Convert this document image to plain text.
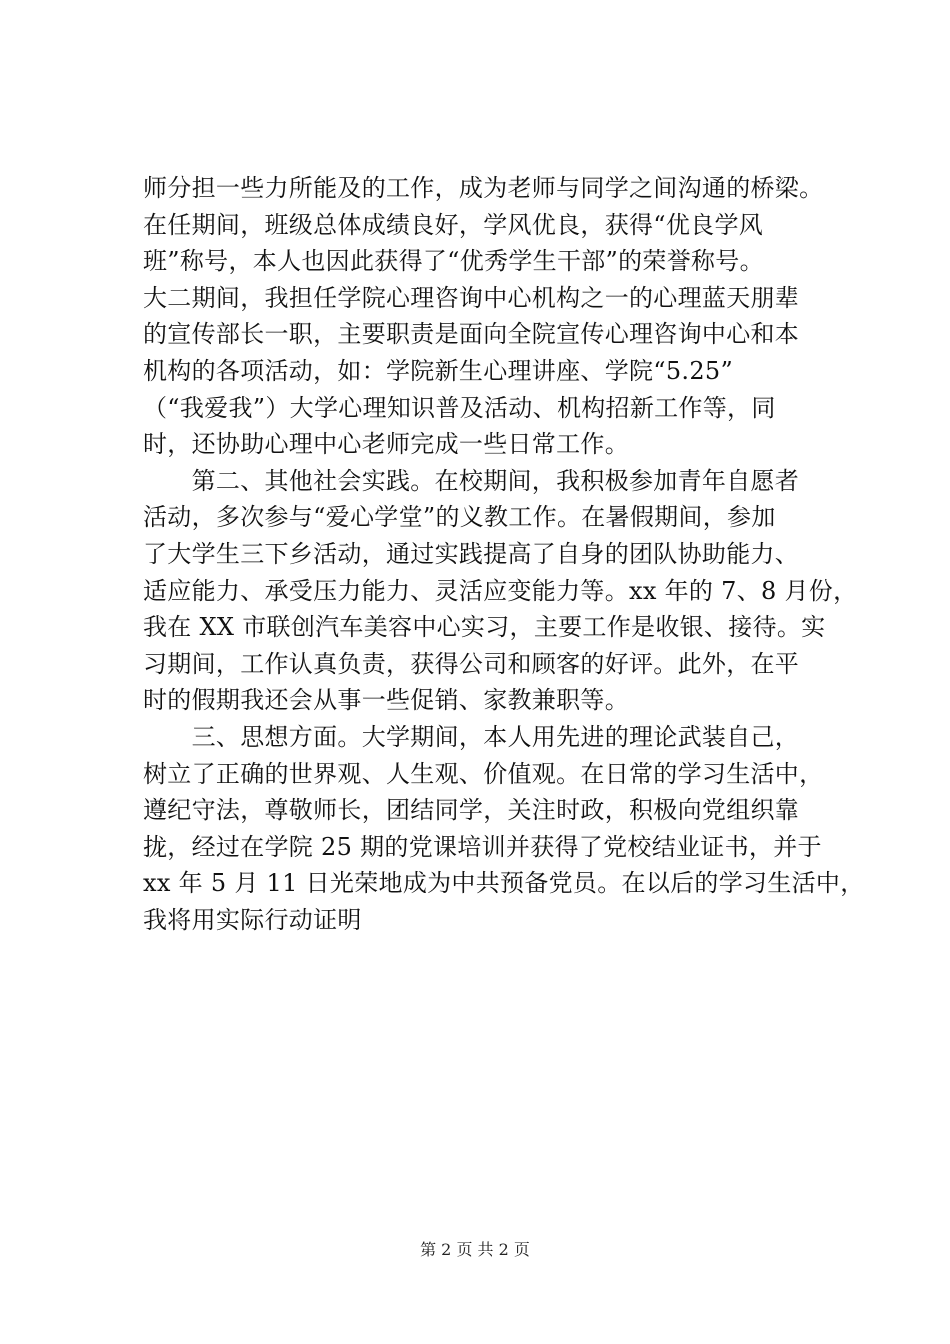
师分担一些力所能及的工作，成为老师与同学之间沟通的桥梁。
在任期间，班级总体成绩良好，学风优良，获得“优良学风
班”称号，本人也因此获得了“优秀学生干部”的荣誉称号。
大二期间，我担任学院心理咨询中心机构之一的心理蓝天朋辈
的宣传部长一职，主要职责是面向全院宣传心理咨询中心和本
机构的各项活动，如：学院新生心理讲座、学院“5.25”
（“我爱我”）大学心理知识普及活动、机构招新工作等，同
时，还协助心理中心老师完成一些日常工作。
　　第二、其他社会实践。在校期间，我积极参加青年自愿者
活动，多次参与“爱心学堂”的义教工作。在暑假期间，参加
了大学生三下乡活动，通过实践提高了自身的团队协助能力、
适应能力、承受压力能力、灵活应变能力等。xx 年的 7、8 月份，
我在 XX 市联创汽车美容中心实习，主要工作是收银、接待。实
习期间，工作认真负责，获得公司和顾客的好评。此外，在平
时的假期我还会从事一些促销、家教兼职等。
　　三、思想方面。大学期间，本人用先进的理论武装自己，
树立了正确的世界观、人生观、价值观。在日常的学习生活中，
遵纪守法，尊敬师长，团结同学，关注时政，积极向党组织靠
拢，经过在学院 25 期的党课培训并获得了党校结业证书，并于
xx 年 5 月 11 日光荣地成为中共预备党员。在以后的学习生活中，
我将用实际行动证明
第 2 页 共 2 页
